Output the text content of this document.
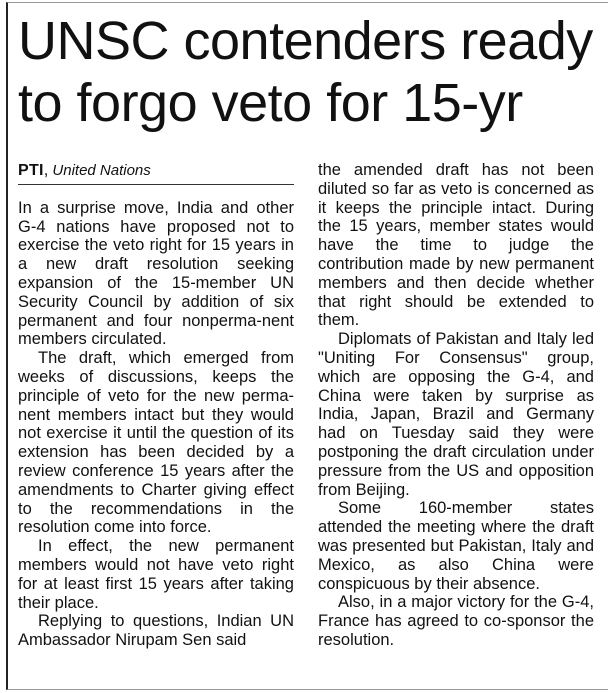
UNSC contenders ready
to forgo veto for 15-yr
PTI , United Nations

In a surprise move, India and other G-4 nations have proposed not to exercise the veto right for 15 years in a new draft resolution seeking expansion of the 15-member UN Security Council by addition of six permanent and four nonperma-nent members circulated.

The draft, which emerged from weeks of discussions, keeps the principle of veto for the new perma-nent members intact but they would not exercise it until the question of its extension has been decided by a review conference 15 years after the amendments to Charter giving effect to the recommendations in the resolution come into force.

In effect, the new permanent members would not have veto right for at least first 15 years after taking their place.

Replying to questions, Indian UN Ambassador Nirupam Sen said

the amended draft has not been diluted so far as veto is concerned as it keeps the principle intact. During the 15 years, member states would have the time to judge the contribution made by new permanent members and then decide whether that right should be extended to them.

Diplomats of Pakistan and Italy led "Uniting For Consensus" group, which are opposing the G-4, and China were taken by surprise as India, Japan, Brazil and Germany had on Tuesday said they were postponing the draft circulation under pressure from the US and opposition from Beijing.

Some 160-member states attended the meeting where the draft was presented but Pakistan, Italy and Mexico, as also China were conspicuous by their absence.

Also, in a major victory for the G-4, France has agreed to co-sponsor the resolution.
